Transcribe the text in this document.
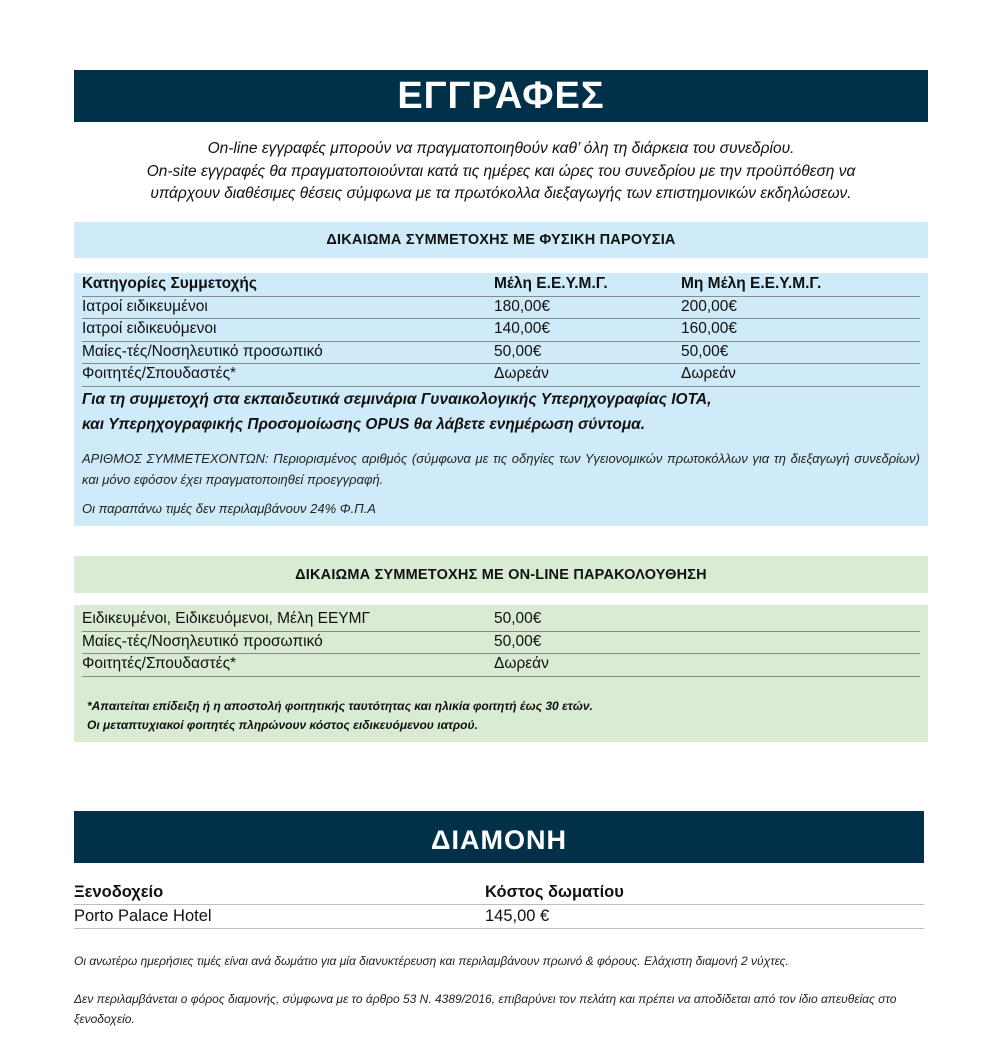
ΕΓΓΡΑΦΕΣ
On-line εγγραφές μπορούν να πραγματοποιηθούν καθ’ όλη τη διάρκεια του συνεδρίου.
On-site εγγραφές θα πραγματοποιούνται κατά τις ημέρες και ώρες του συνεδρίου με την προϋπόθεση να
υπάρχουν διαθέσιμες θέσεις σύμφωνα με τα πρωτόκολλα διεξαγωγής των επιστημονικών εκδηλώσεων.
ΔΙΚΑΙΩΜΑ ΣΥΜΜΕΤΟΧΗΣ ΜΕ ΦΥΣΙΚΗ ΠΑΡΟΥΣΙΑ
Κατηγορίες Συμμετοχής	Μέλη Ε.Ε.Υ.Μ.Γ.	Μη Μέλη Ε.Ε.Υ.Μ.Γ.
Ιατροί ειδικευμένοι	180,00€	200,00€
Ιατροί ειδικευόμενοι	140,00€	160,00€
Μαίες-τές/Νοσηλευτικό προσωπικό	50,00€	50,00€
Φοιτητές/Σπουδαστές*	Δωρεάν	Δωρεάν
Για τη συμμετοχή στα εκπαιδευτικά σεμινάρια Γυναικολογικής Υπερηχογραφίας ΙΟΤΑ,
και Υπερηχογραφικής Προσομοίωσης OPUS θα λάβετε ενημέρωση σύντομα.
ΑΡΙΘΜΟΣ ΣΥΜΜΕΤΕΧΟΝΤΩΝ: Περιορισμένος αριθμός (σύμφωνα με τις οδηγίες των Υγειονομικών πρωτοκόλλων για τη διεξαγωγή συνεδρίων) και μόνο εφόσον έχει πραγματοποιηθεί προεγγραφή.
Οι παραπάνω τιμές δεν περιλαμβάνουν 24% Φ.Π.Α
ΔΙΚΑΙΩΜΑ ΣΥΜΜΕΤΟΧΗΣ ΜΕ ON-LINE ΠΑΡΑΚΟΛΟΥΘΗΣΗ
Ειδικευμένοι, Ειδικευόμενοι, Μέλη ΕΕΥΜΓ	50,00€
Μαίες-τές/Νοσηλευτικό προσωπικό	50,00€
Φοιτητές/Σπουδαστές*	Δωρεάν
*Απαιτείται επίδειξη ή η αποστολή φοιτητικής ταυτότητας και ηλικία φοιτητή έως 30 ετών.
Οι μεταπτυχιακοί φοιτητές πληρώνουν κόστος ειδικευόμενου ιατρού.
ΔΙΑΜΟΝΗ
Ξενοδοχείο	Κόστος δωματίου
Porto Palace Hotel	145,00 €
Οι ανωτέρω ημερήσιες τιμές είναι ανά δωμάτιο για μία διανυκτέρευση και περιλαμβάνουν πρωινό & φόρους. Ελάχιστη διαμονή 2 νύχτες.
Δεν περιλαμβάνεται ο φόρος διαμονής, σύμφωνα με το άρθρο 53 Ν. 4389/2016, επιβαρύνει τον πελάτη και πρέπει να αποδίδεται από τον ίδιο απευθείας στο ξενοδοχείο.
